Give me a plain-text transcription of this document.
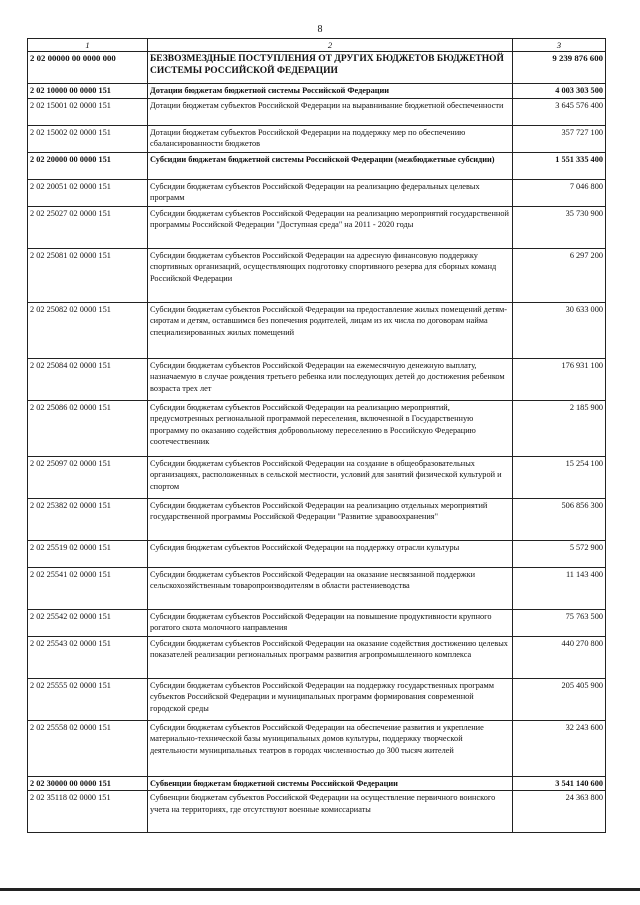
8
1	2	3
2 02 00000 00 0000 000	БЕЗВОЗМЕЗДНЫЕ ПОСТУПЛЕНИЯ ОТ ДРУГИХ БЮДЖЕТОВ БЮДЖЕТНОЙ СИСТЕМЫ РОССИЙСКОЙ ФЕДЕРАЦИИ	9 239 876 600
2 02 10000 00 0000 151	Дотации бюджетам бюджетной системы Российской Федерации	4 003 303 500
2 02 15001 02 0000 151	Дотации бюджетам субъектов Российской Федерации на выравнивание бюджетной обеспеченности	3 645 576 400
2 02 15002 02 0000 151	Дотации бюджетам субъектов Российской Федерации на поддержку мер по обеспечению сбалансированности бюджетов	357 727 100
2 02 20000 00 0000 151	Субсидии бюджетам бюджетной системы Российской Федерации (межбюджетные субсидии)	1 551 335 400
2 02 20051 02 0000 151	Субсидии бюджетам субъектов Российской Федерации на реализацию федеральных целевых программ	7 046 800
2 02 25027 02 0000 151	Субсидии бюджетам субъектов Российской Федерации на реализацию мероприятий государственной программы Российской Федерации "Доступная среда" на 2011 - 2020 годы	35 730 900
2 02 25081 02 0000 151	Субсидии бюджетам субъектов Российской Федерации на адресную финансовую поддержку спортивных организаций, осуществляющих подготовку спортивного резерва для сборных команд Российской Федерации	6 297 200
2 02 25082 02 0000 151	Субсидии бюджетам субъектов Российской Федерации на предоставление жилых помещений детям-сиротам и детям, оставшимся без попечения родителей, лицам из их числа по договорам найма специализированных жилых помещений	30 633 000
2 02 25084 02 0000 151	Субсидии бюджетам субъектов Российской Федерации на ежемесячную денежную выплату, назначаемую в случае рождения третьего ребенка или последующих детей до достижения ребенком возраста трех лет	176 931 100
2 02 25086 02 0000 151	Субсидии бюджетам субъектов Российской Федерации на реализацию мероприятий, предусмотренных региональной программой переселения, включенной в Государственную программу по оказанию содействия добровольному переселению в Российскую Федерацию соотечественник	2 185 900
2 02 25097 02 0000 151	Субсидии бюджетам субъектов Российской Федерации на создание в общеобразовательных организациях, расположенных в сельской местности, условий для занятий физической культурой и спортом	15 254 100
2 02 25382 02 0000 151	Субсидии бюджетам субъектов Российской Федерации на реализацию отдельных мероприятий государственной программы Российской Федерации "Развитие здравоохранения"	506 856 300
2 02 25519 02 0000 151	Субсидия бюджетам субъектов Российской Федерации на поддержку отрасли культуры	5 572 900
2 02 25541 02 0000 151	Субсидии бюджетам субъектов Российской Федерации на оказание несвязанной поддержки сельскохозяйственным товаропроизводителям в области растениеводства	11 143 400
2 02 25542 02 0000 151	Субсидии бюджетам субъектов Российской Федерации на повышение продуктивности крупного рогатого скота молочного направления	75 763 500
2 02 25543 02 0000 151	Субсидии бюджетам субъектов Российской Федерации на оказание содействия достижению целевых показателей реализации региональных программ развития агропромышленного комплекса	440 270 800
2 02 25555 02 0000 151	Субсидии бюджетам субъектов Российской Федерации на поддержку государственных программ субъектов Российской Федерации и муниципальных программ формирования современной городской среды	205 405 900
2 02 25558 02 0000 151	Субсидии бюджетам субъектов Российской Федерации на обеспечение развития и укрепление материально-технической базы муниципальных домов культуры, поддержку творческой деятельности муниципальных театров в городах численностью до 300 тысяч жителей	32 243 600
2 02 30000 00 0000 151	Субвенции бюджетам бюджетной системы Российской Федерации	3 541 140 600
2 02 35118 02 0000 151	Субвенции бюджетам субъектов Российской Федерации на осуществление первичного воинского учета на территориях, где отсутствуют военные комиссариаты	24 363 800
